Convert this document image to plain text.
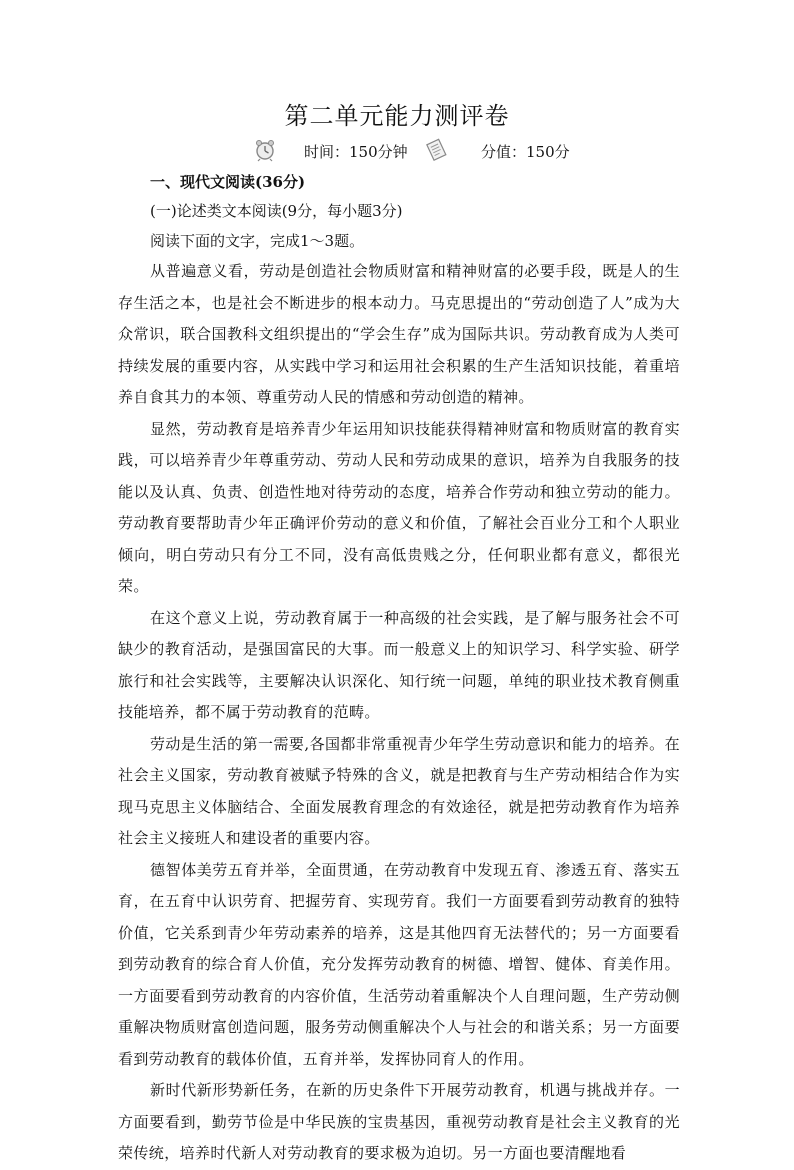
第二单元能力测评卷
时间：150分钟	分值：150分
一、现代文阅读(36分)
(一)论述类文本阅读(9分，每小题3分)
阅读下面的文字，完成1～3题。

从普遍意义看，劳动是创造社会物质财富和精神财富的必要手段，既是人的生存生活之本，也是社会不断进步的根本动力。马克思提出的“劳动创造了人”成为大众常识，联合国教科文组织提出的“学会生存”成为国际共识。劳动教育成为人类可持续发展的重要内容，从实践中学习和运用社会积累的生产生活知识技能，着重培养自食其力的本领、尊重劳动人民的情感和劳动创造的精神。

显然，劳动教育是培养青少年运用知识技能获得精神财富和物质财富的教育实践，可以培养青少年尊重劳动、劳动人民和劳动成果的意识，培养为自我服务的技能以及认真、负责、创造性地对待劳动的态度，培养合作劳动和独立劳动的能力。劳动教育要帮助青少年正确评价劳动的意义和价值，了解社会百业分工和个人职业倾向，明白劳动只有分工不同，没有高低贵贱之分，任何职业都有意义，都很光荣。

在这个意义上说，劳动教育属于一种高级的社会实践，是了解与服务社会不可缺少的教育活动，是强国富民的大事。而一般意义上的知识学习、科学实验、研学旅行和社会实践等，主要解决认识深化、知行统一问题，单纯的职业技术教育侧重技能培养，都不属于劳动教育的范畴。

劳动是生活的第一需要,各国都非常重视青少年学生劳动意识和能力的培养。在社会主义国家，劳动教育被赋予特殊的含义，就是把教育与生产劳动相结合作为实现马克思主义体脑结合、全面发展教育理念的有效途径，就是把劳动教育作为培养社会主义接班人和建设者的重要内容。

德智体美劳五育并举，全面贯通，在劳动教育中发现五育、渗透五育、落实五育，在五育中认识劳育、把握劳育、实现劳育。我们一方面要看到劳动教育的独特价值，它关系到青少年劳动素养的培养，这是其他四育无法替代的；另一方面要看到劳动教育的综合育人价值，充分发挥劳动教育的树德、增智、健体、育美作用。一方面要看到劳动教育的内容价值，生活劳动着重解决个人自理问题，生产劳动侧重解决物质财富创造问题，服务劳动侧重解决个人与社会的和谐关系；另一方面要看到劳动教育的载体价值，五育并举，发挥协同育人的作用。

新时代新形势新任务，在新的历史条件下开展劳动教育，机遇与挑战并存。一方面要看到，勤劳节俭是中华民族的宝贵基因，重视劳动教育是社会主义教育的光荣传统，培养时代新人对劳动教育的要求极为迫切。另一方面也要清醒地看
